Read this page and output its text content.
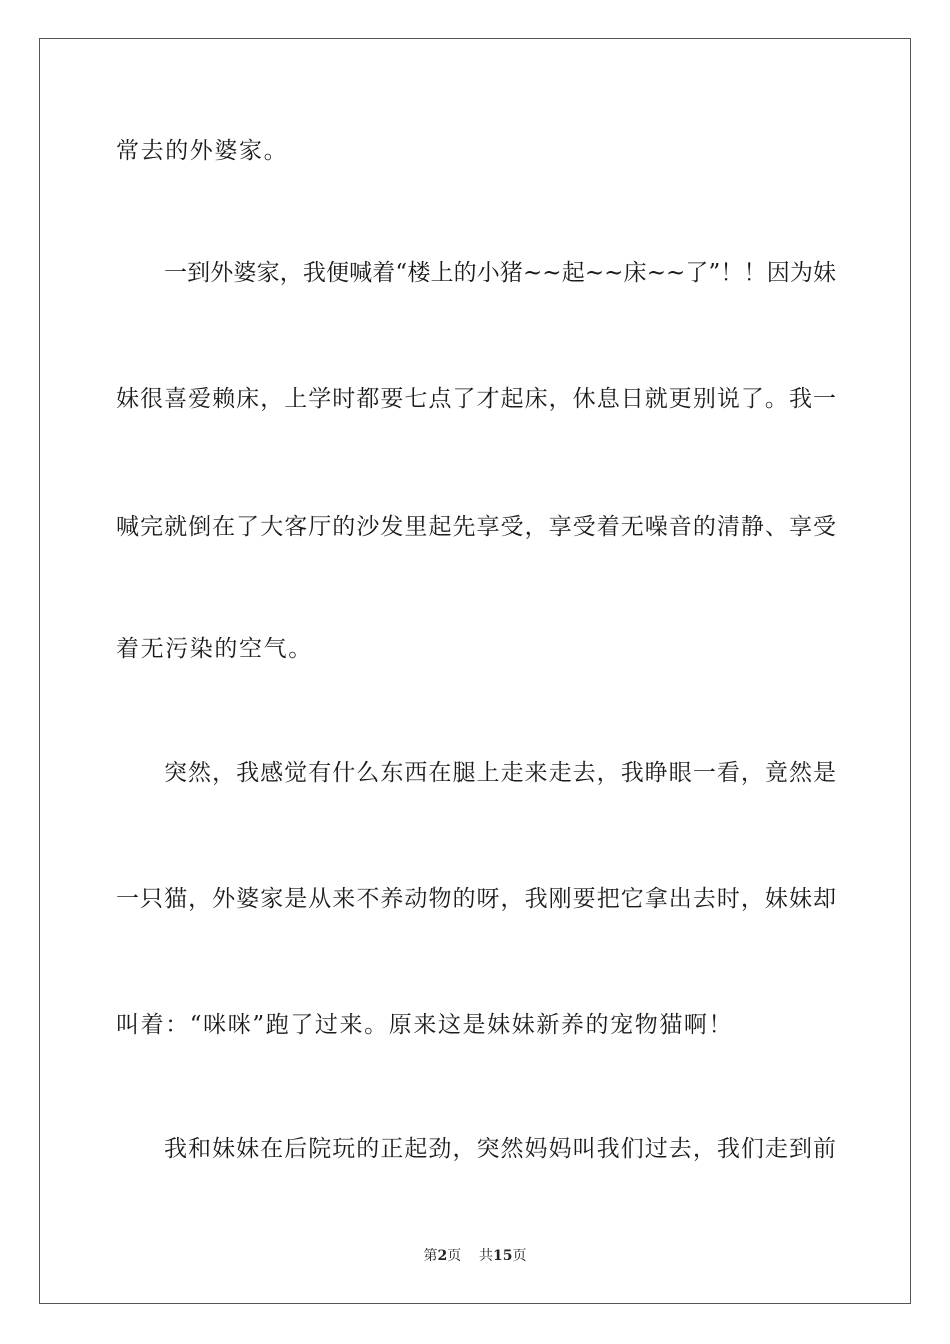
常去的外婆家。
一到外婆家，我便喊着“楼上的小猪~~起~~床~~了”！！因为妹
妹很喜爱赖床，上学时都要七点了才起床，休息日就更别说了。我一
喊完就倒在了大客厅的沙发里起先享受，享受着无噪音的清静、享受
着无污染的空气。
突然，我感觉有什么东西在腿上走来走去，我睁眼一看，竟然是
一只猫，外婆家是从来不养动物的呀，我刚要把它拿出去时，妹妹却
叫着：“咪咪”跑了过来。原来这是妹妹新养的宠物猫啊！
我和妹妹在后院玩的正起劲，突然妈妈叫我们过去，我们走到前
第2页 共15页
